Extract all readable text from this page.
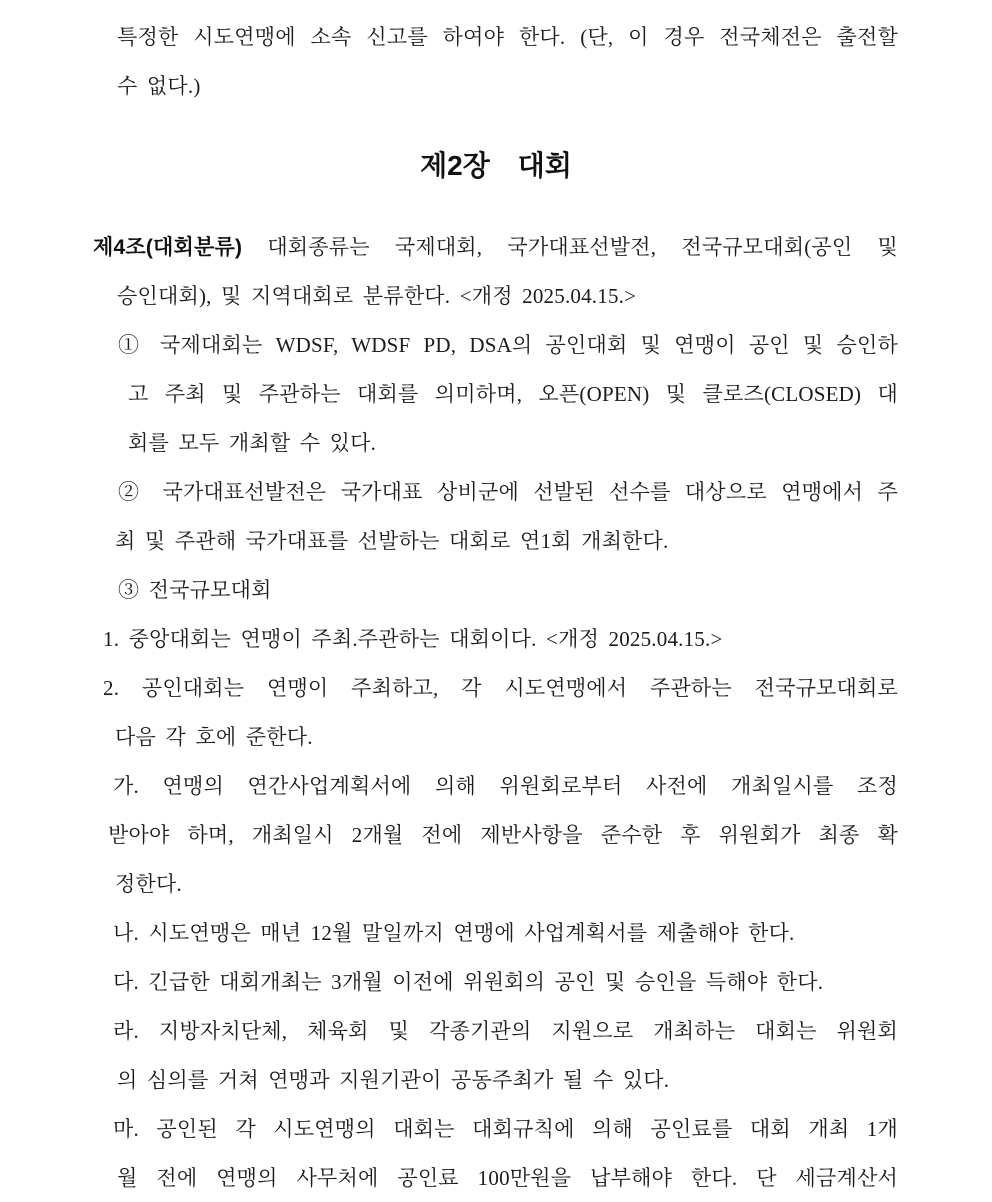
특정한 시도연맹에 소속 신고를 하여야 한다. (단, 이 경우 전국체전은 출전할
수 없다.)
제2장　대회
제4조(대회분류) 대회종류는 국제대회, 국가대표선발전, 전국규모대회(공인 및
승인대회), 및 지역대회로 분류한다. <개정 2025.04.15.>
① 국제대회는 WDSF, WDSF PD, DSA의 공인대회 및 연맹이 공인 및 승인하
고 주최 및 주관하는 대회를 의미하며, 오픈(OPEN) 및 클로즈(CLOSED) 대
회를 모두 개최할 수 있다.
② 국가대표선발전은 국가대표 상비군에 선발된 선수를 대상으로 연맹에서 주
최 및 주관해 국가대표를 선발하는 대회로 연1회 개최한다.
③ 전국규모대회
1. 중앙대회는 연맹이 주최.주관하는 대회이다. <개정 2025.04.15.>
2. 공인대회는 연맹이 주최하고, 각 시도연맹에서 주관하는 전국규모대회로
다음 각 호에 준한다.
가. 연맹의 연간사업계획서에 의해 위원회로부터 사전에 개최일시를 조정
받아야 하며, 개최일시 2개월 전에 제반사항을 준수한 후 위원회가 최종 확
정한다.
나. 시도연맹은 매년 12월 말일까지 연맹에 사업계획서를 제출해야 한다.
다. 긴급한 대회개최는 3개월 이전에 위원회의 공인 및 승인을 득해야 한다.
라. 지방자치단체, 체육회 및 각종기관의 지원으로 개최하는 대회는 위원회
의 심의를 거쳐 연맹과 지원기관이 공동주최가 될 수 있다.
마. 공인된 각 시도연맹의 대회는 대회규칙에 의해 공인료를 대회 개최 1개
월 전에 연맹의 사무처에 공인료 100만원을 납부해야 한다. 단 세금계산서
